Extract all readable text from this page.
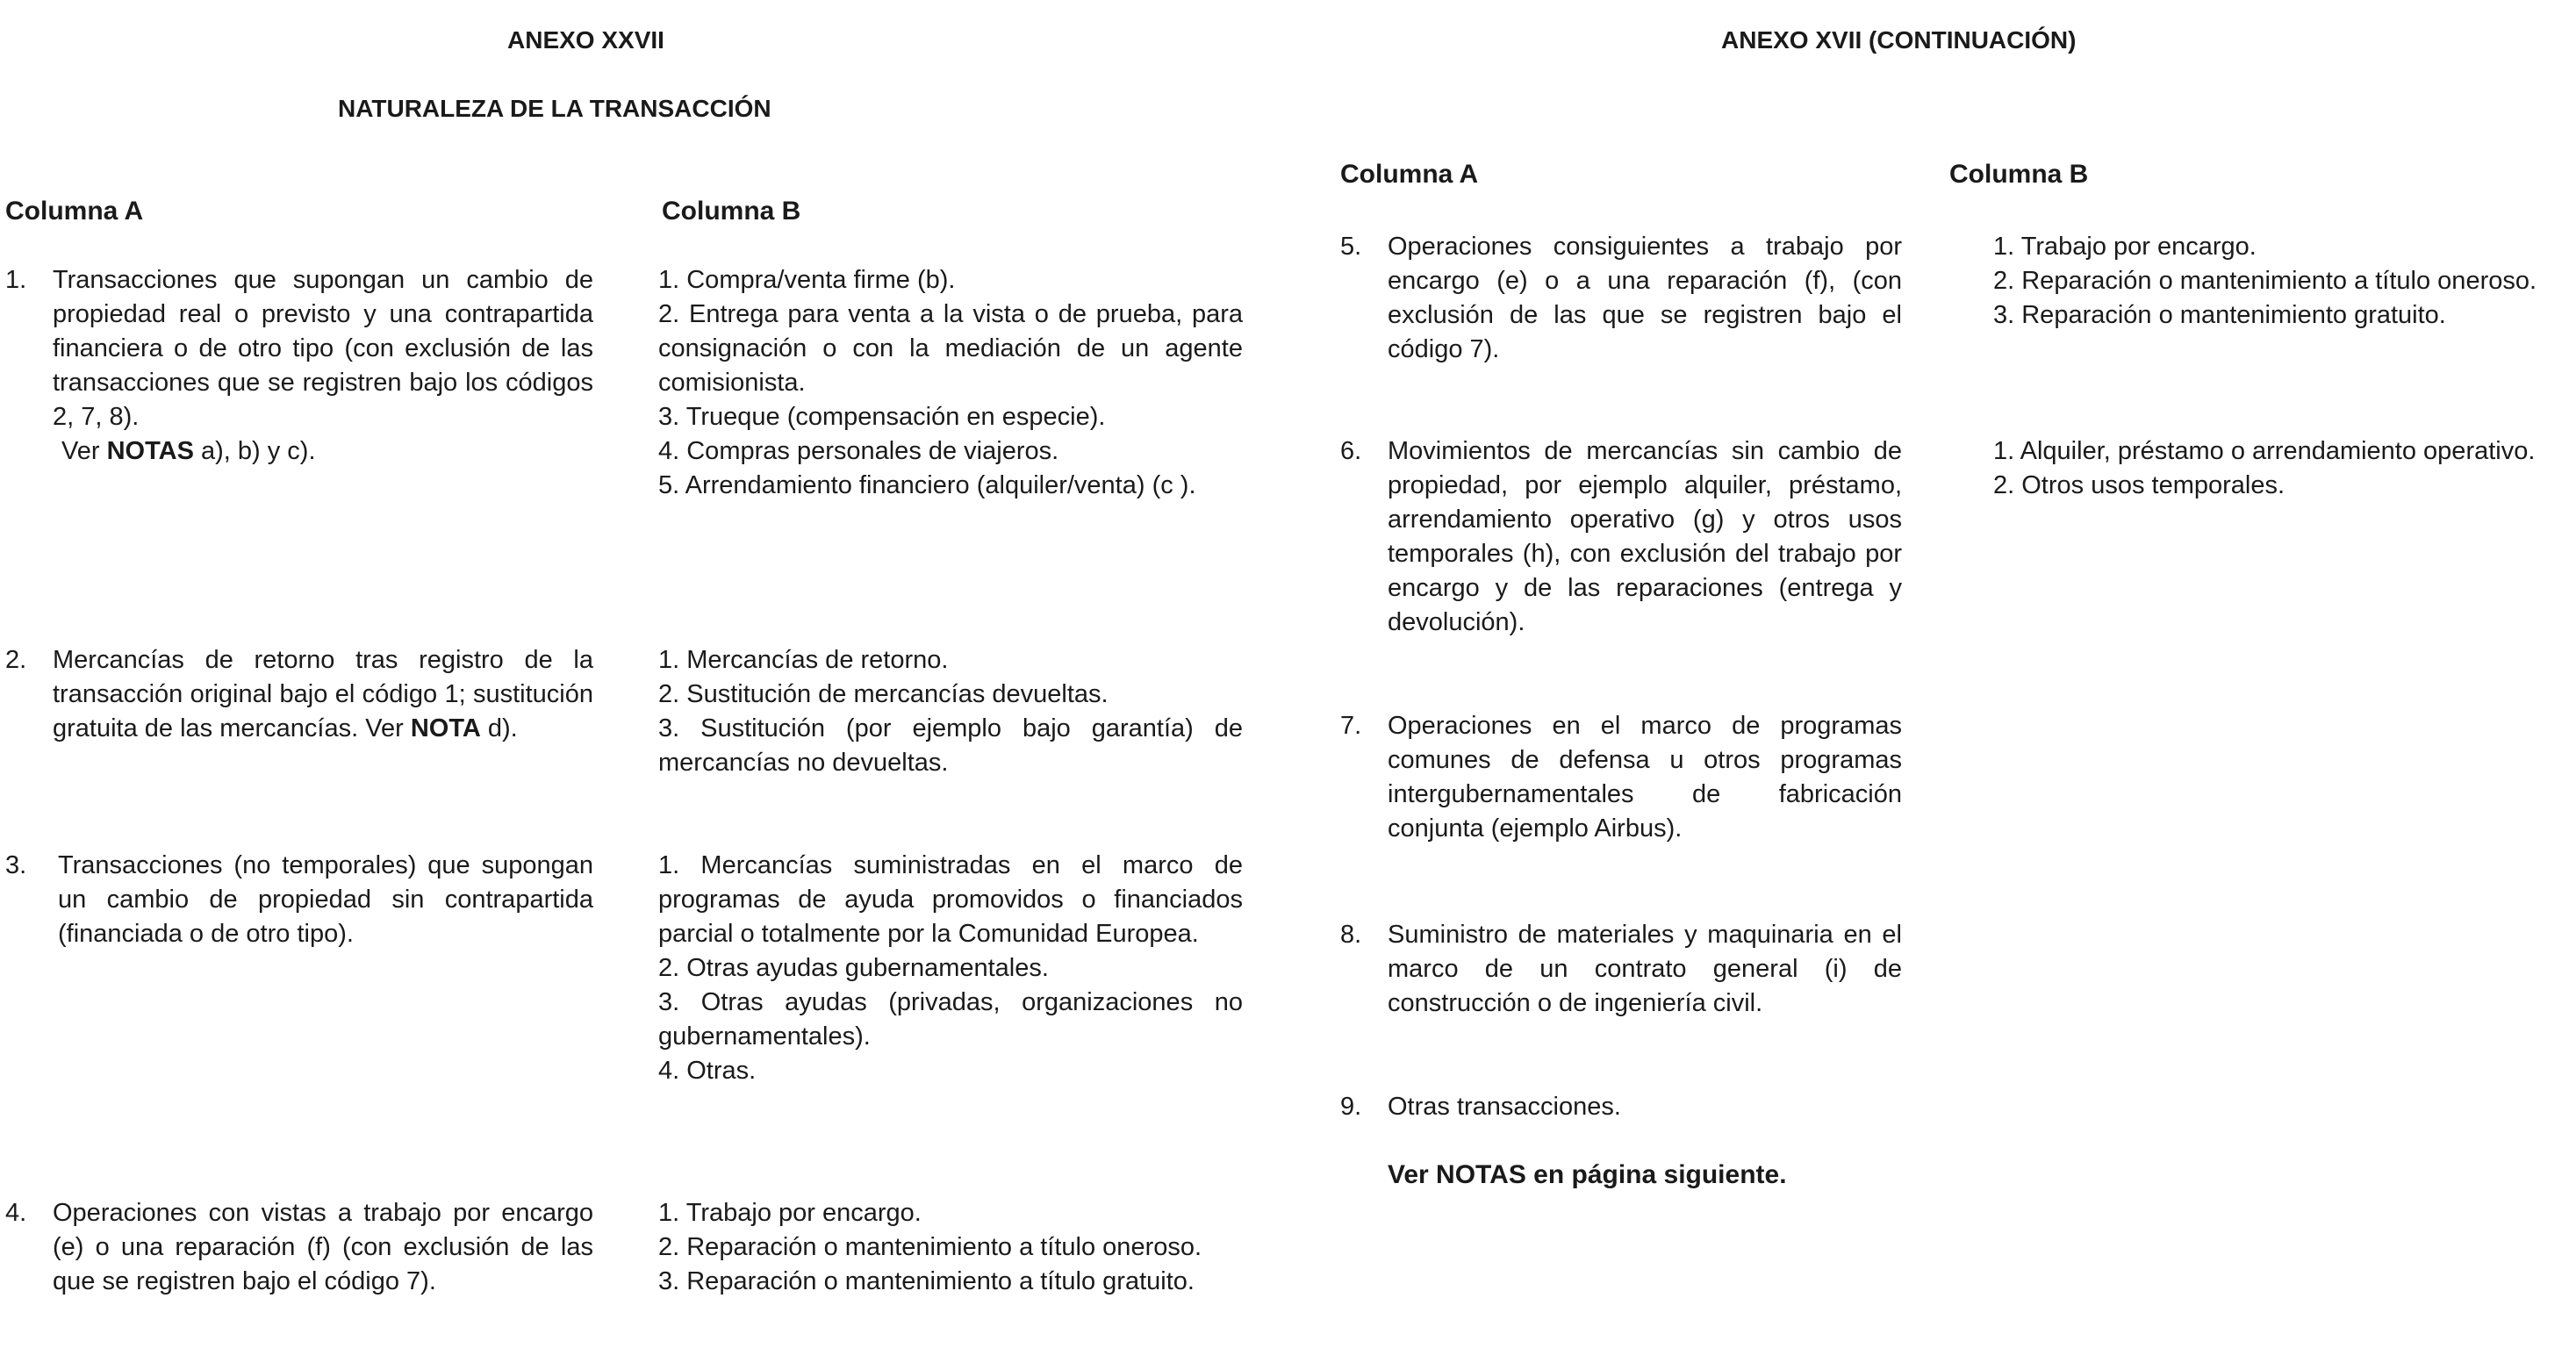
ANEXO XXVII
NATURALEZA DE LA TRANSACCIÓN
Columna A	Columna B
1. Transacciones que supongan un cambio de propiedad real o previsto y una contrapartida financiera o de otro tipo (con exclusión de las transacciones que se registren bajo los códigos 2, 7, 8).
Ver NOTAS a), b) y c).
1. Compra/venta firme (b).
2. Entrega para venta a la vista o de prueba, para consignación o con la mediación de un agente comisionista.
3. Trueque (compensación en especie).
4. Compras personales de viajeros.
5. Arrendamiento financiero (alquiler/venta) (c ).
2. Mercancías de retorno tras registro de la transacción original bajo el código 1; sustitución gratuita de las mercancías. Ver NOTA d).
1. Mercancías de retorno.
2. Sustitución de mercancías devueltas.
3. Sustitución (por ejemplo bajo garantía) de mercancías no devueltas.
3. Transacciones (no temporales) que supongan un cambio de propiedad sin contrapartida (financiada o de otro tipo).
1. Mercancías suministradas en el marco de programas de ayuda promovidos o financiados parcial o totalmente por la Comunidad Europea.
2. Otras ayudas gubernamentales.
3. Otras ayudas (privadas, organizaciones no gubernamentales).
4. Otras.
4. Operaciones con vistas a trabajo por encargo (e) o una reparación (f) (con exclusión de las que se registren bajo el código 7).
1. Trabajo por encargo.
2. Reparación o mantenimiento a título oneroso.
3. Reparación o mantenimiento a título gratuito.
ANEXO XVII (CONTINUACIÓN)
Columna A	Columna B
5. Operaciones consiguientes a trabajo por encargo (e) o a una reparación (f), (con exclusión de las que se registren bajo el código 7).
1. Trabajo por encargo.
2. Reparación o mantenimiento a título oneroso.
3. Reparación o mantenimiento gratuito.
6. Movimientos de mercancías sin cambio de propiedad, por ejemplo alquiler, préstamo, arrendamiento operativo (g) y otros usos temporales (h), con exclusión del trabajo por encargo y de las reparaciones (entrega y devolución).
1. Alquiler, préstamo o arrendamiento operativo.
2. Otros usos temporales.
7. Operaciones en el marco de programas comunes de defensa u otros programas intergubernamentales de fabricación conjunta (ejemplo Airbus).
8. Suministro de materiales y maquinaria en el marco de un contrato general (i) de construcción o de ingeniería civil.
9. Otras transacciones.
Ver NOTAS en página siguiente.
